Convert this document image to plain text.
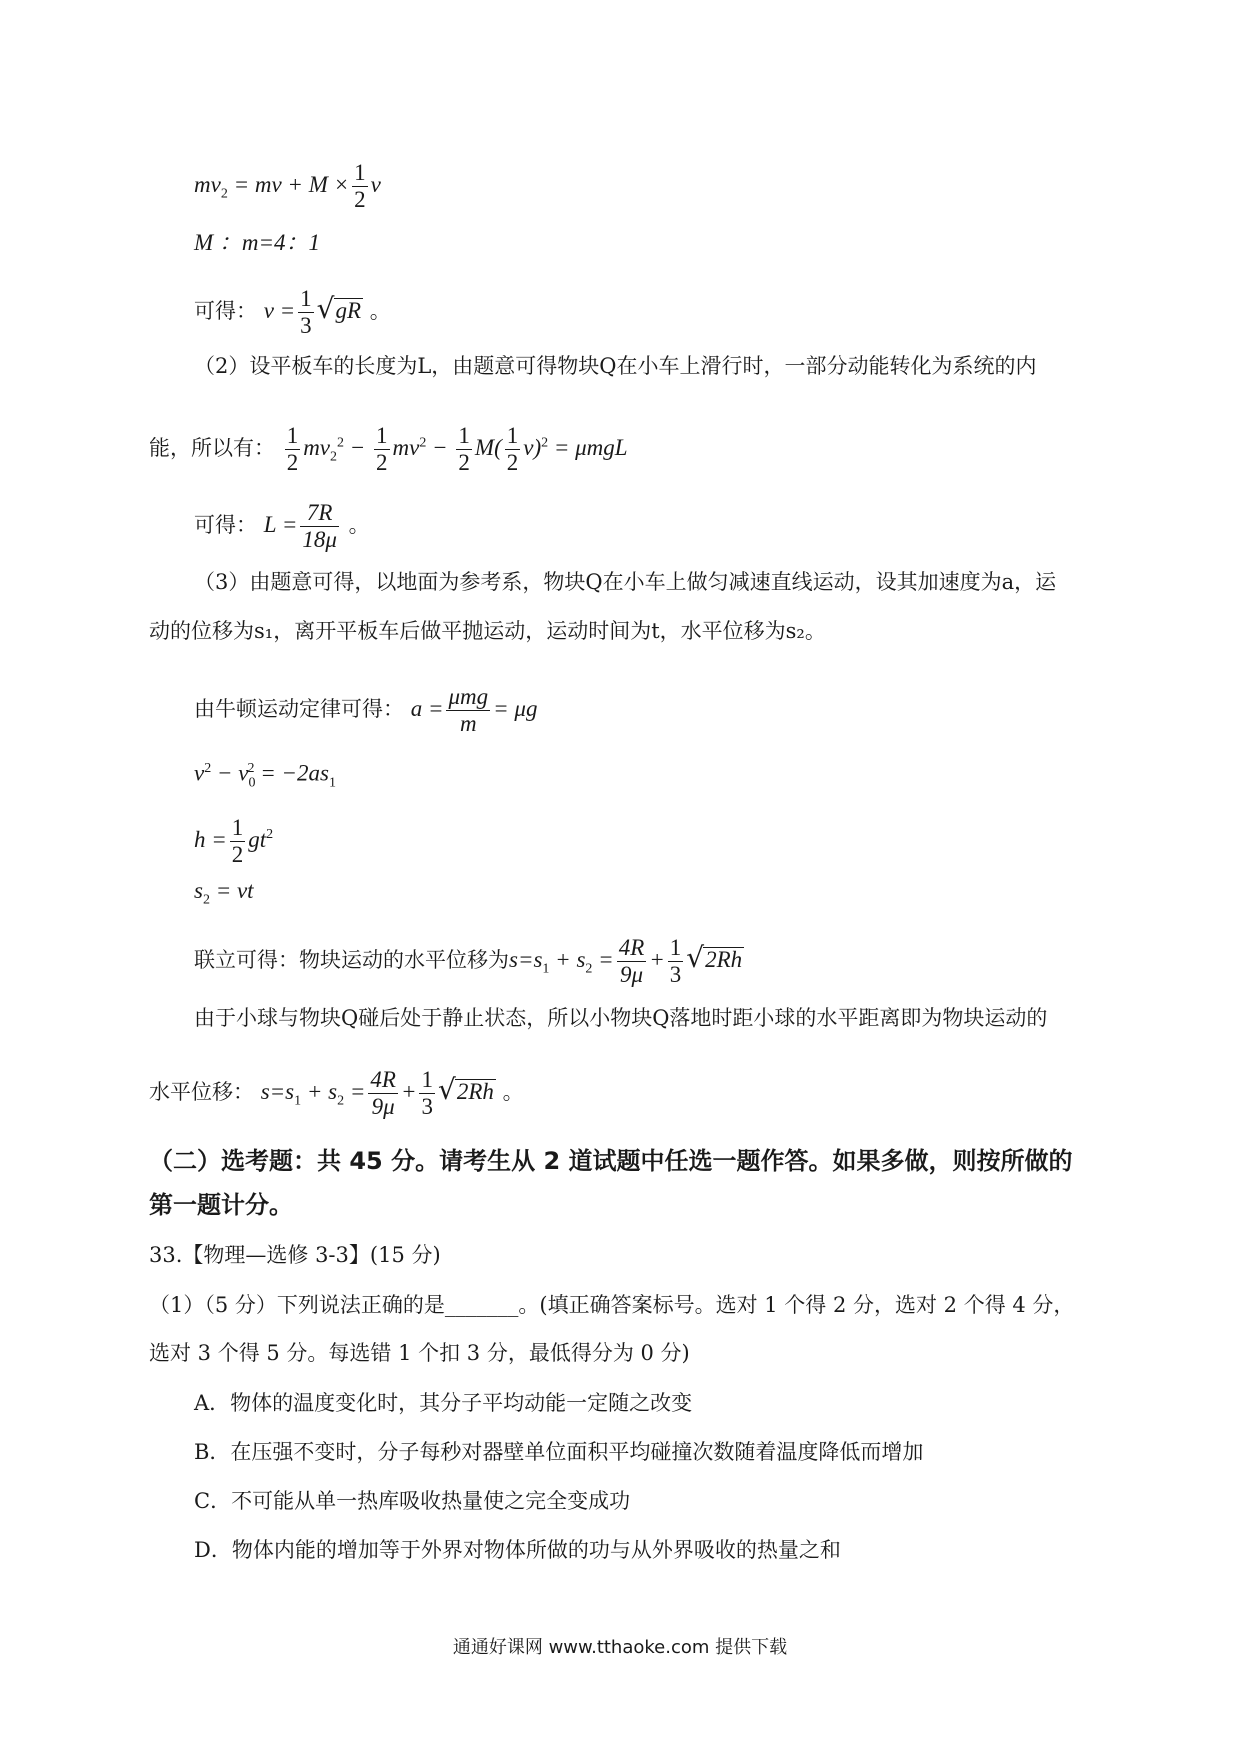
$mv_2$ = mv + $M \times \frac{1}{2}$ v
M ：m=4：1
可得： $v = \frac{1}{3} √gR$ 。
（2）设平板车的长度为L，由题意可得物块Q在小车上滑行时，一部分动能转化为系统的内
能，所以有： $\frac{1}{2} mv_2^2 - \frac{1}{2} mv^2 - \frac{1}{2} M( \frac{1}{2} v)^2 = \mu mgL$
可得： $L = \frac{7R}{18\mu}$ 。
（3）由题意可得，以地面为参考系，物块Q在小车上做匀减速直线运动，设其加速度为a，运
动的位移为s₁，离开平板车后做平抛运动，运动时间为t，水平位移为s₂。
由牛顿运动定律可得： $a = \frac{\text{μmg}}{m} = \mu g$
$v^2 - v_0^2 = -2as_1$
$h = \frac{1}{2} gt^2$
$s_2$ = vt
联立可得：物块运动的水平位移为$s=s_1 + s_2 = \frac{4R}{9\mu} + \frac{1}{3} √2Rh$
由于小球与物块Q碰后处于静止状态，所以小物块Q落地时距小球的水平距离即为物块运动的
水平位移： $s=s_1 + s_2 = \frac{4R}{9\mu} + \frac{1}{3} √2Rh$ 。
（二）选考题：共 45 分。请考生从 2 道试题中任选一题作答。如果多做，则按所做的
第一题计分。
33.【物理—选修 3-3】(15 分)
（1）（5 分）下列说法正确的是_______。(填正确答案标号。选对 1 个得 2 分，选对 2 个得 4 分，
选对 3 个得 5 分。每选错 1 个扣 3 分，最低得分为 0 分)
A．物体的温度变化时，其分子平均动能一定随之改变
B．在压强不变时，分子每秒对器壁单位面积平均碰撞次数随着温度降低而增加
C．不可能从单一热库吸收热量使之完全变成功
D．物体内能的增加等于外界对物体所做的功与从外界吸收的热量之和
通通好课网 www.tthaoke.com 提供下载
